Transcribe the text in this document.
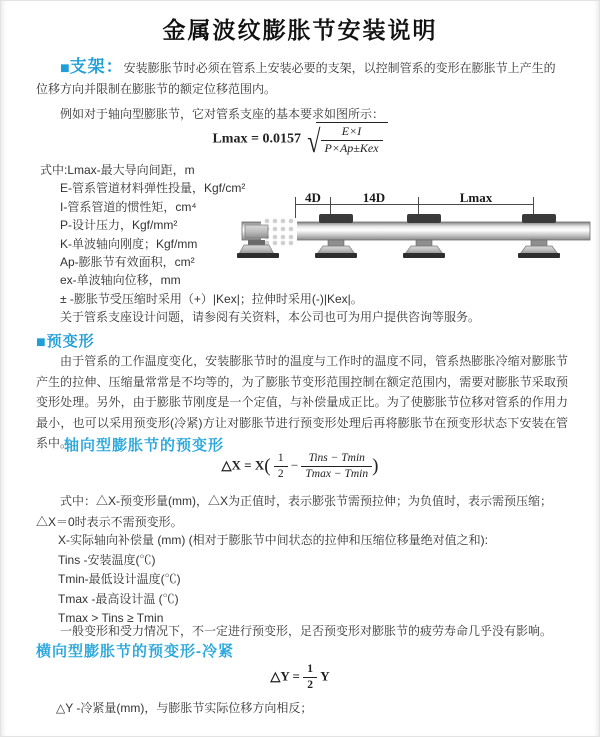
金属波纹膨胀节安装说明

■支架：安装膨胀节时必须在管系上安装必要的支架，以控制管系的变形在膨胀节上产生的位移方向并限制在膨胀节的额定位移范围内。

例如对于轴向型膨胀节，它对管系支座的基本要求如图所示：

Lmax = 0.0157 √ $\frac{E\times I}{\text{P×Ap±Kex}}$
式中:Lmax-最大导向间距，m
E-管系管道材料弹性投量，Kgf/cm²
I-管系管道的惯性矩，cm⁴
P-设计压力，Kgf/mm²
K-单波轴向刚度；Kgf/mm
Ap-膨胀节有效面积，cm²
ex-单波轴向位移，mm
± -膨胀节受压缩时采用（+）|Kex|；拉伸时采用(-)|Kex|。
关于管系支座设计问题，请参阅有关资料，本公司也可为用户提供咨询等服务。
4D	14D	Lmax
■预变形

由于管系的工作温度变化，安装膨胀节时的温度与工作时的温度不同，管系热膨胀冷缩对膨胀节产生的拉伸、压缩量常常是不均等的，为了膨胀节变形范围控制在额定范围内，需要对膨胀节采取预变形处理。另外，由于膨胀节刚度是一个定值，与补偿量成正比。为了使膨胀节位移对管系的作用力最小，也可以采用预变形(冷紧)方让对膨胀节进行预变形处理后再将膨胀节在预变形状态下安装在管系中。

轴向型膨胀节的预变形
△X = $X( \frac{1}{2} - \frac{\text{Tins − Tmin}}{Tmax - Tmin}$ )

式中：△X-预变形量(mm)，△X为正值时，表示膨张节需预拉伸；为负值时，表示需预压缩；△X＝0时表示不需预变形。

X-实际轴向补偿量 (mm) (相对于膨胀节中间状态的拉伸和压缩位移量绝对值之和):
Tins -安装温度(℃)
Tmin-最低设计温度(℃)
Tmax -最高设计温 (℃)
Tmax > Tins ≥ Tmin

一般变形和受力情况下，不一定进行预变形，足否预变形对膨胀节的疲劳寿命几乎没有影响。

横向型膨胀节的预变形-冷紧
△Y = $\frac{1}{2}$ Y
△Y -冷紧量(mm)，与膨胀节实际位移方向相反；
